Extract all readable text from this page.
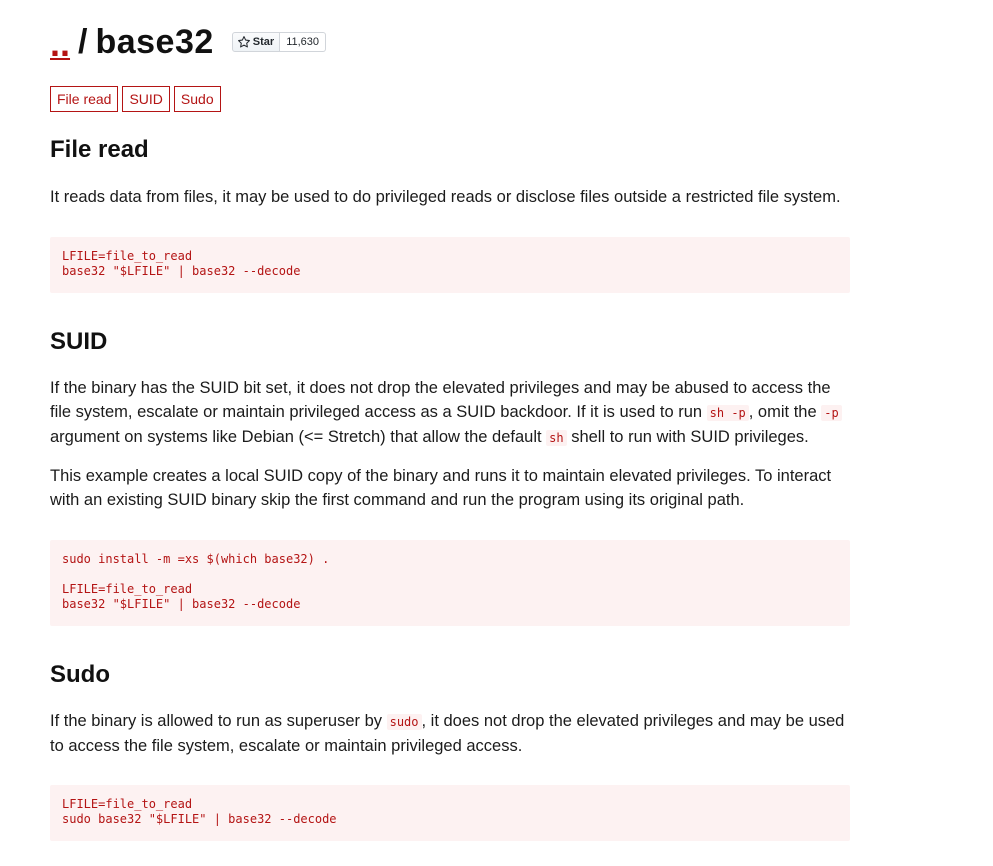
.. / base32	Star	11,630
File read	SUID	Sudo
File read

It reads data from files, it may be used to do privileged reads or disclose files outside a restricted file system.

LFILE=file_to_read
base32 "$LFILE" | base32 --decode
SUID

If the binary has the SUID bit set, it does not drop the elevated privileges and may be abused to access the file system, escalate or maintain privileged access as a SUID backdoor. If it is used to run sh -p , omit the -p argument on systems like Debian (<= Stretch) that allow the default sh shell to run with SUID privileges.

This example creates a local SUID copy of the binary and runs it to maintain elevated privileges. To interact with an existing SUID binary skip the first command and run the program using its original path.

sudo install -m =xs $(which base32) .

LFILE=file_to_read
base32 "$LFILE" | base32 --decode
Sudo

If the binary is allowed to run as superuser by sudo , it does not drop the elevated privileges and may be used to access the file system, escalate or maintain privileged access.

LFILE=file_to_read
sudo base32 "$LFILE" | base32 --decode
